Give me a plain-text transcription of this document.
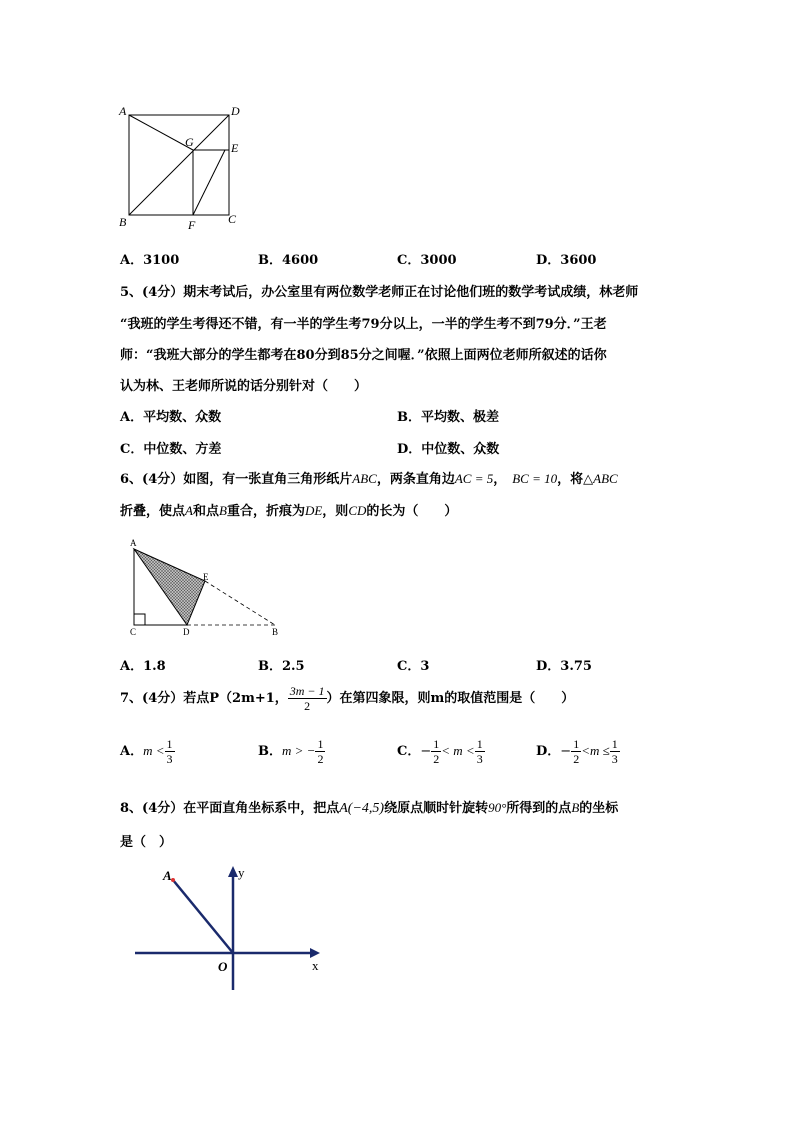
A	D
G	E
B	F	C
A．3100	B．4600	C．3000	D．3600
5、(4分）期末考试后，办公室里有两位数学老师正在讨论他们班的数学考试成绩，林老师
“我班的学生考得还不错，有一半的学生考79分以上，一半的学生考不到79分．”王老
师：“我班大部分的学生都考在80分到85分之间喔．”依照上面两位老师所叙述的话你
认为林、王老师所说的话分别针对（　　）
A．平均数、众数	B．平均数、极差
C．中位数、方差	D．中位数、众数
6、(4分）如图，有一张直角三角形纸片ABC，两条直角边AC = 5， BC = 10，将△ABC
折叠，使点A和点B重合，折痕为DE，则CD的长为（　　）
A
E
C	D	B
A．1.8	B．2.5	C．3	D．3.75
7、(4分）若点P（2m+1， $\frac{3m - 1}{2}$ ）在第四象限，则m的取值范围是（　　）
A．$m < \frac{1}{3}$	B．m > − $\frac{1}{2}$	C．− $\frac{1}{2} < m < \frac{1}{3}$	D．− $\frac{1}{2} <m \le \frac{1}{3}$
8、(4分）在平面直角坐标系中，把点A(−4,5)绕原点顺时针旋转90°所得到的点B的坐标
是（　）
A	y
O	x
